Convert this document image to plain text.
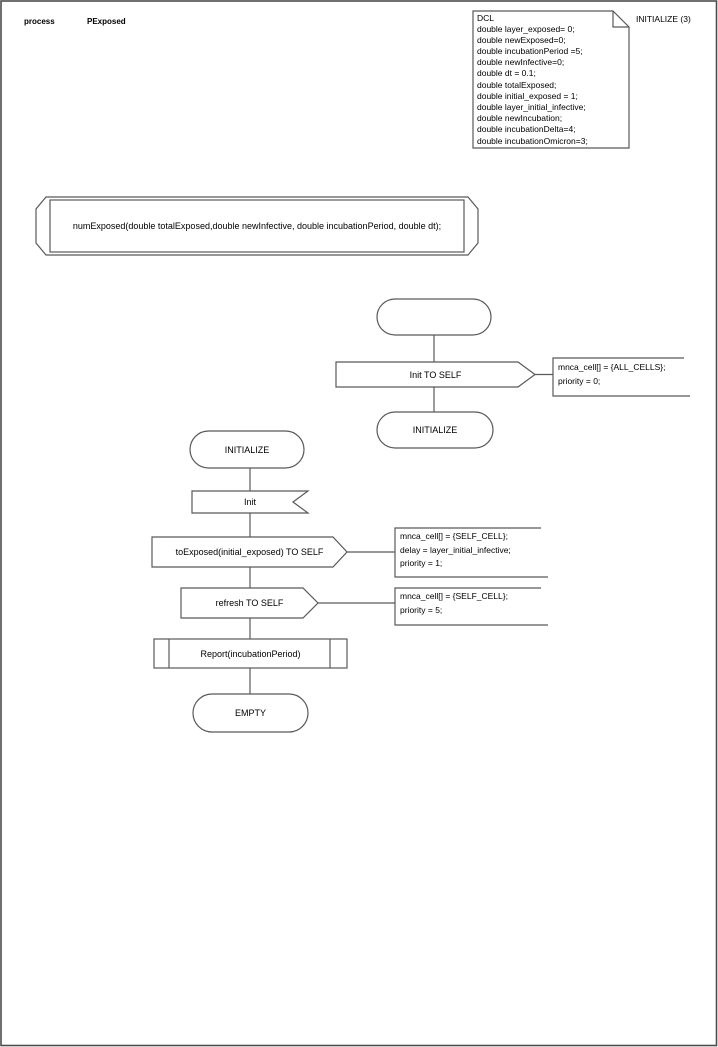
process	PExposed	INITIALIZE (3)
DCL
double layer_exposed= 0;
double newExposed=0;
double incubationPeriod =5;
double newInfective=0;
double dt = 0.1;
double totalExposed;
double initial_exposed = 1;
double layer_initial_infective;
double newIncubation;
double incubationDelta=4;
double incubationOmicron=3;
numExposed(double totalExposed,double newInfective, double incubationPeriod, double dt);
Init TO SELF
mnca_cell[] = {ALL_CELLS};
priority = 0;
INITIALIZE
INITIALIZE
Init
toExposed(initial_exposed) TO SELF
mnca_cell[] = {SELF_CELL};
delay = layer_initial_infective;
priority = 1;
refresh TO SELF
mnca_cell[] = {SELF_CELL};
priority = 5;
Report(incubationPeriod)
EMPTY
